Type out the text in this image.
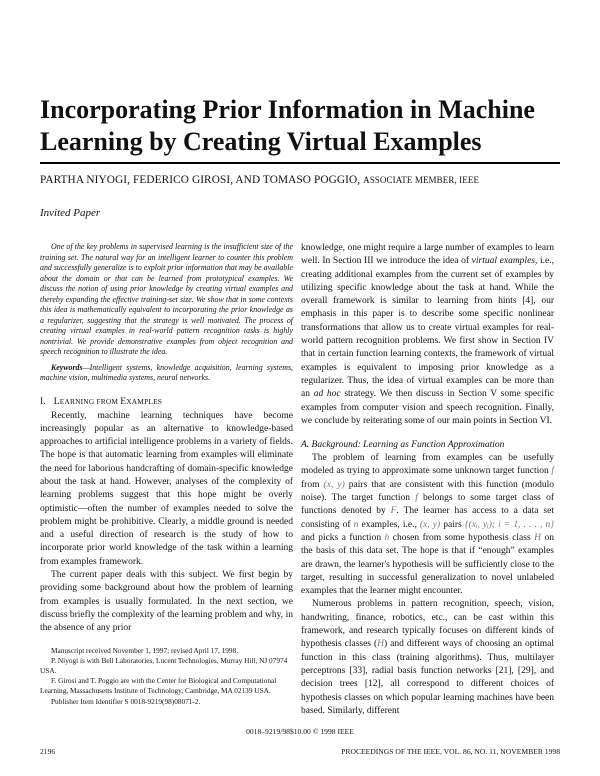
Incorporating Prior Information in Machine Learning by Creating Virtual Examples
PARTHA NIYOGI, FEDERICO GIROSI, AND TOMASO POGGIO, ASSOCIATE MEMBER, IEEE
Invited Paper

One of the key problems in supervised learning is the insufficient size of the training set. The natural way for an intelligent learner to counter this problem and successfully generalize is to exploit prior information that may be available about the domain or that can be learned from prototypical examples. We discuss the notion of using prior knowledge by creating virtual examples and thereby expanding the effective training-set size. We show that in some contexts this idea is mathematically equivalent to incorporating the prior knowledge as a regularizer, suggesting that the strategy is well motivated. The process of creating virtual examples in real-world pattern recognition tasks is highly nontrivial. We provide demonstrative examples from object recognition and speech recognition to illustrate the idea.

Keywords—Intelligent systems, knowledge acquisition, learning systems, machine vision, multimedia systems, neural networks.

I. LEARNING FROM EXAMPLES

Recently, machine learning techniques have become increasingly popular as an alternative to knowledge-based approaches to artificial intelligence problems in a variety of fields. The hope is that automatic learning from examples will eliminate the need for laborious handcrafting of domain-specific knowledge about the task at hand. However, analyses of the complexity of learning problems suggest that this hope might be overly optimistic—often the number of examples needed to solve the problem might be prohibitive. Clearly, a middle ground is needed and a useful direction of research is the study of how to incorporate prior world knowledge of the task within a learning from examples framework.

The current paper deals with this subject. We first begin by providing some background about how the problem of learning from examples is usually formulated. In the next section, we discuss briefly the complexity of the learning problem and why, in the absence of any prior

Manuscript received November 1, 1997; revised April 17, 1998.

P. Niyogi is with Bell Laboratories, Lucent Technologies, Murray Hill, NJ 07974 USA.

F. Girosi and T. Poggio are with the Center for Biological and Computational Learning, Massachusetts Institute of Technology, Cambridge, MA 02139 USA.

Publisher Item Identifier S 0018-9219(98)08071-2.

knowledge, one might require a large number of examples to learn well. In Section III we introduce the idea of virtual examples, i.e., creating additional examples from the current set of examples by utilizing specific knowledge about the task at hand. While the overall framework is similar to learning from hints [4], our emphasis in this paper is to describe some specific nonlinear transformations that allow us to create virtual examples for real-world pattern recognition problems. We first show in Section IV that in certain function learning contexts, the framework of virtual examples is equivalent to imposing prior knowledge as a regularizer. Thus, the idea of virtual examples can be more than an ad hoc strategy. We then discuss in Section V some specific examples from computer vision and speech recognition. Finally, we conclude by reiterating some of our main points in Section VI.

A. Background: Learning as Function Approximation

The problem of learning from examples can be usefully modeled as trying to approximate some unknown target function f from (x, y) pairs that are consistent with this function (modulo noise). The target function f belongs to some target class of functions denoted by F. The learner has access to a data set consisting of n examples, i.e., (x, y) pairs {(xᵢ, yᵢ); i = 1, . . . , n} and picks a function h chosen from some hypothesis class H on the basis of this data set. The hope is that if “enough” examples are drawn, the learner's hypothesis will be sufficiently close to the target, resulting in successful generalization to novel unlabeled examples that the learner might encounter.

Numerous problems in pattern recognition, speech, vision, handwriting, finance, robotics, etc., can be cast within this framework, and research typically focuses on different kinds of hypothesis classes (H) and different ways of choosing an optimal function in this class (training algorithms). Thus, multilayer perceptrons [33], radial basis function networks [21], [29], and decision trees [12], all correspond to different choices of hypothesis classes on which popular learning machines have been based. Similarly, different

0018–9219/98$10.00 © 1998 IEEE
2196	PROCEEDINGS OF THE IEEE, VOL. 86, NO. 11, NOVEMBER 1998
